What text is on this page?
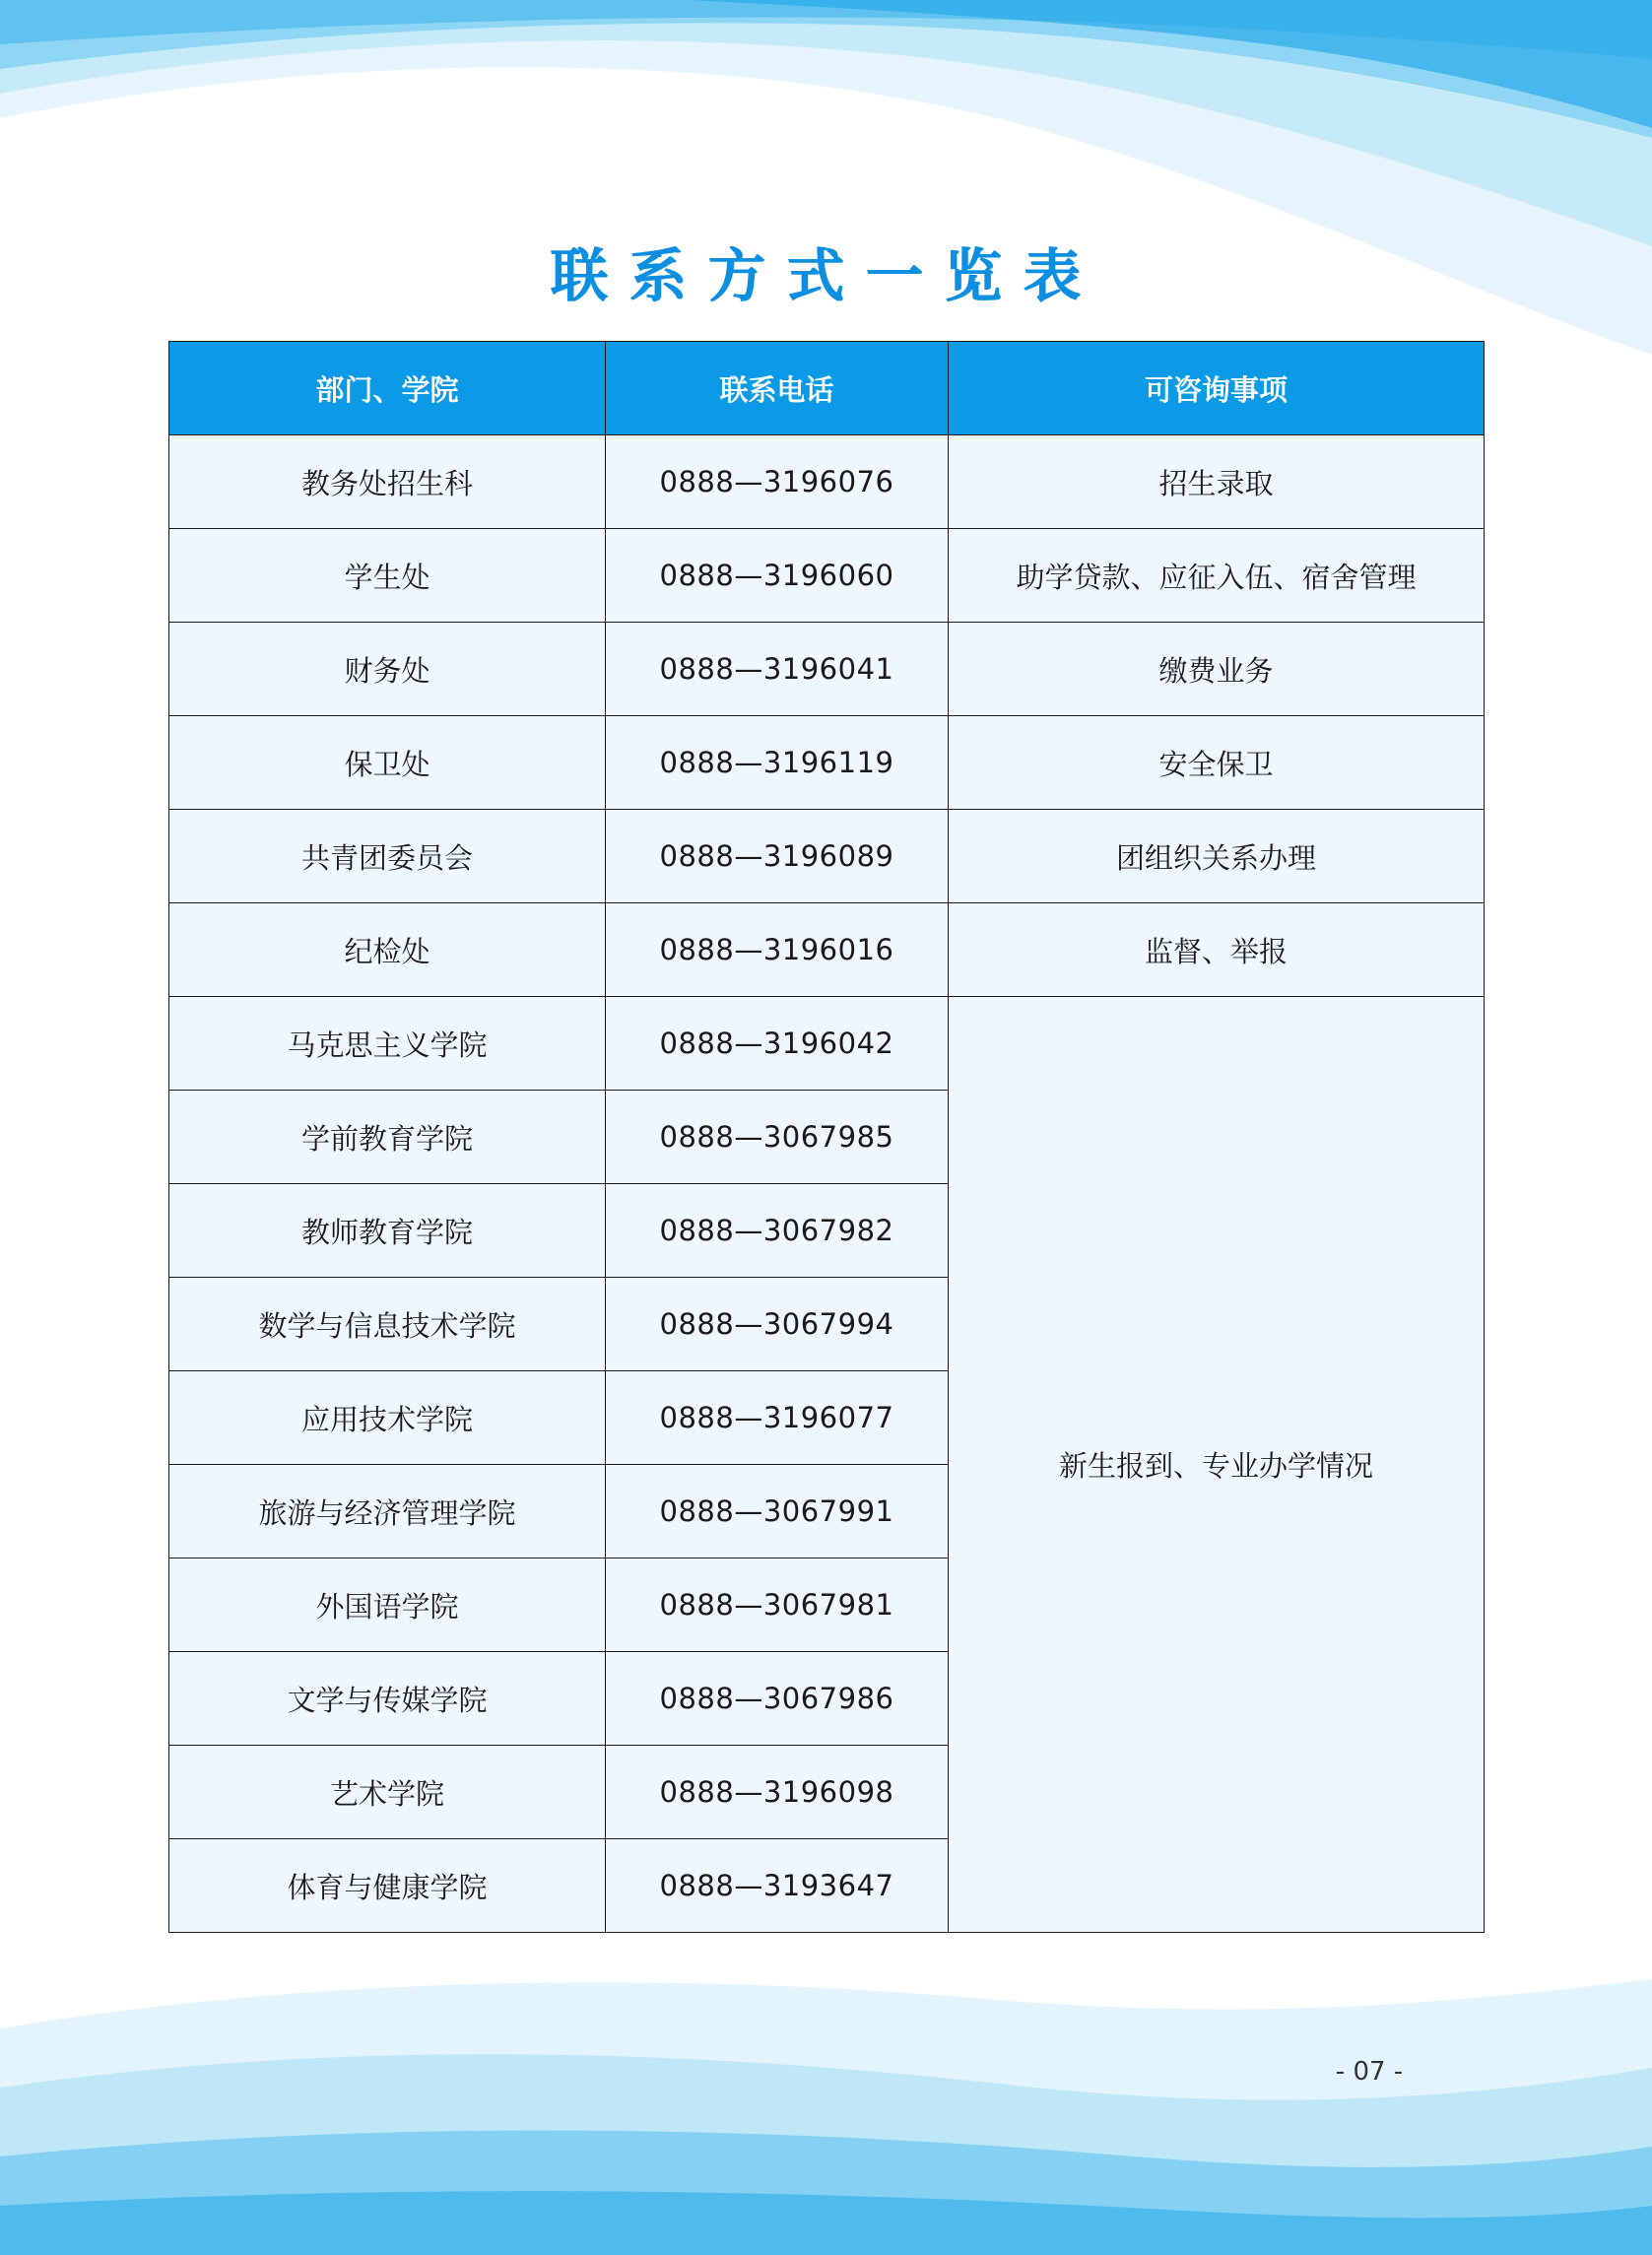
联系方式一览表
部门、学院	联系电话	可咨询事项
教务处招生科	0888—3196076	招生录取
学生处	0888—3196060	助学贷款、应征入伍、宿舍管理
财务处	0888—3196041	缴费业务
保卫处	0888—3196119	安全保卫
共青团委员会	0888—3196089	团组织关系办理
纪检处	0888—3196016	监督、举报
马克思主义学院	0888—3196042	新生报到、专业办学情况
学前教育学院	0888—3067985	
教师教育学院	0888—3067982	
数学与信息技术学院	0888—3067994	
应用技术学院	0888—3196077	
旅游与经济管理学院	0888—3067991	
外国语学院	0888—3067981	
文学与传媒学院	0888—3067986	
艺术学院	0888—3196098	
体育与健康学院	0888—3193647	
- 07 -
